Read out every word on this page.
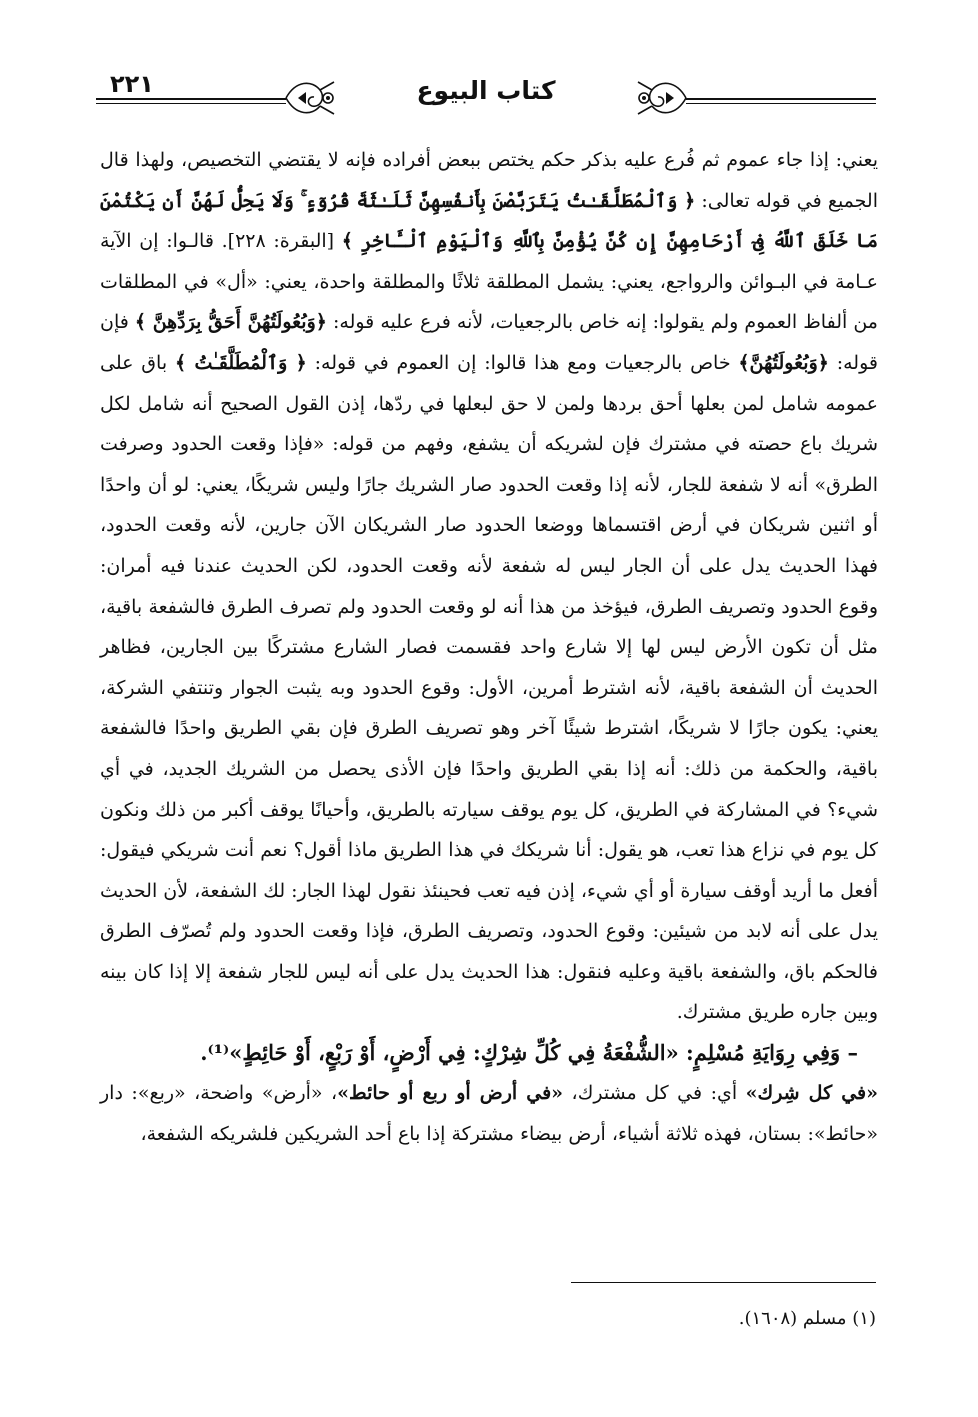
٢٢١	كتاب البيوع

يعني: إذا جاء عموم ثم فُرع عليه بذكر حكم يختص ببعض أفراده فإنه لا يقتضي التخصيص، ولهذا قال الجميع في قوله تعالى: ﴿ وَٱلْمُطَلَّقَـٰتُ يَتَرَبَّصْنَ بِأَنفُسِهِنَّ ثَلَـٰثَةَ قُرُوٓءٍ ۚ وَلَا يَحِلُّ لَهُنَّ أَن يَكْتُمْنَ مَا خَلَقَ ٱللَّهُ فِىٓ أَرْحَامِهِنَّ إِن كُنَّ يُؤْمِنَّ بِٱللَّهِ وَٱلْيَوْمِ ٱلْـَٔاخِرِ ﴾ [البقرة: ٢٢٨]. قالـوا: إن الآية عـامة في البـوائن والرواجع، يعني: يشمل المطلقة ثلاثًا والمطلقة واحدة، يعني: «أل» في المطلقات من ألفاظ العموم ولم يقولوا: إنه خاص بالرجعيات، لأنه فرع عليه قوله: ﴿وَبُعُولَتُهُنَّ أَحَقُّ بِرَدِّهِنَّ ﴾ فإن قوله: ﴿وَبُعُولَتُهُنَّ﴾ خاص بالرجعيات ومع هذا قالوا: إن العموم في قوله: ﴿ وَٱلْمُطَلَّقَـٰتُ ﴾ باق على عمومه شامل لمن بعلها أحق بردها ولمن لا حق لبعلها في ردّها، إذن القول الصحيح أنه شامل لكل شريك باع حصته في مشترك فإن لشريكه أن يشفع، وفهم من قوله: «فإذا وقعت الحدود وصرفت الطرق» أنه لا شفعة للجار، لأنه إذا وقعت الحدود صار الشريك جارًا وليس شريكًا، يعني: لو أن واحدًا أو اثنين شريكان في أرض اقتسماها ووضعا الحدود صار الشريكان الآن جارين، لأنه وقعت الحدود، فهذا الحديث يدل على أن الجار ليس له شفعة لأنه وقعت الحدود، لكن الحديث عندنا فيه أمران: وقوع الحدود وتصريف الطرق، فيؤخذ من هذا أنه لو وقعت الحدود ولم تصرف الطرق فالشفعة باقية، مثل أن تكون الأرض ليس لها إلا شارع واحد فقسمت فصار الشارع مشتركًا بين الجارين، فظاهر الحديث أن الشفعة باقية، لأنه اشترط أمرين، الأول: وقوع الحدود وبه يثبت الجوار وتنتفي الشركة، يعني: يكون جارًا لا شريكًا، اشترط شيئًا آخر وهو تصريف الطرق فإن بقي الطريق واحدًا فالشفعة باقية، والحكمة من ذلك: أنه إذا بقي الطريق واحدًا فإن الأذى يحصل من الشريك الجديد، في أي شيء؟ في المشاركة في الطريق، كل يوم يوقف سيارته بالطريق، وأحيانًا يوقف أكبر من ذلك ونكون كل يوم في نزاع هذا تعب، هو يقول: أنا شريكك في هذا الطريق ماذا أقول؟ نعم أنت شريكي فيقول: أفعل ما أريد أوقف سيارة أو أي شيء، إذن فيه تعب فحينئذ نقول لهذا الجار: لك الشفعة، لأن الحديث يدل على أنه لابد من شيئين: وقوع الحدود، وتصريف الطرق، فإذا وقعت الحدود ولم تُصرّف الطرق فالحكم باق، والشفعة باقية وعليه فنقول: هذا الحديث يدل على أنه ليس للجار شفعة إلا إذا كان بينه وبين جاره طريق مشترك.

– وَفِي رِوَايَةِ مُسْلِمٍ: «الشُّفْعَةُ فِي كُلِّ شِرْكٍ: فِي أَرْضٍ، أَوْ رَبْعٍ، أَوْ حَائِطٍ»⁽¹⁾.

«في كل شِرك» أي: في كل مشترك، «في أرض أو ربع أو حائط»، «أرض» واضحة، «ربع»: دار «حائط»: بستان، فهذه ثلاثة أشياء، أرض بيضاء مشتركة إذا باع أحد الشريكين فلشريكه الشفعة،

(١) مسلم (١٦٠٨).
